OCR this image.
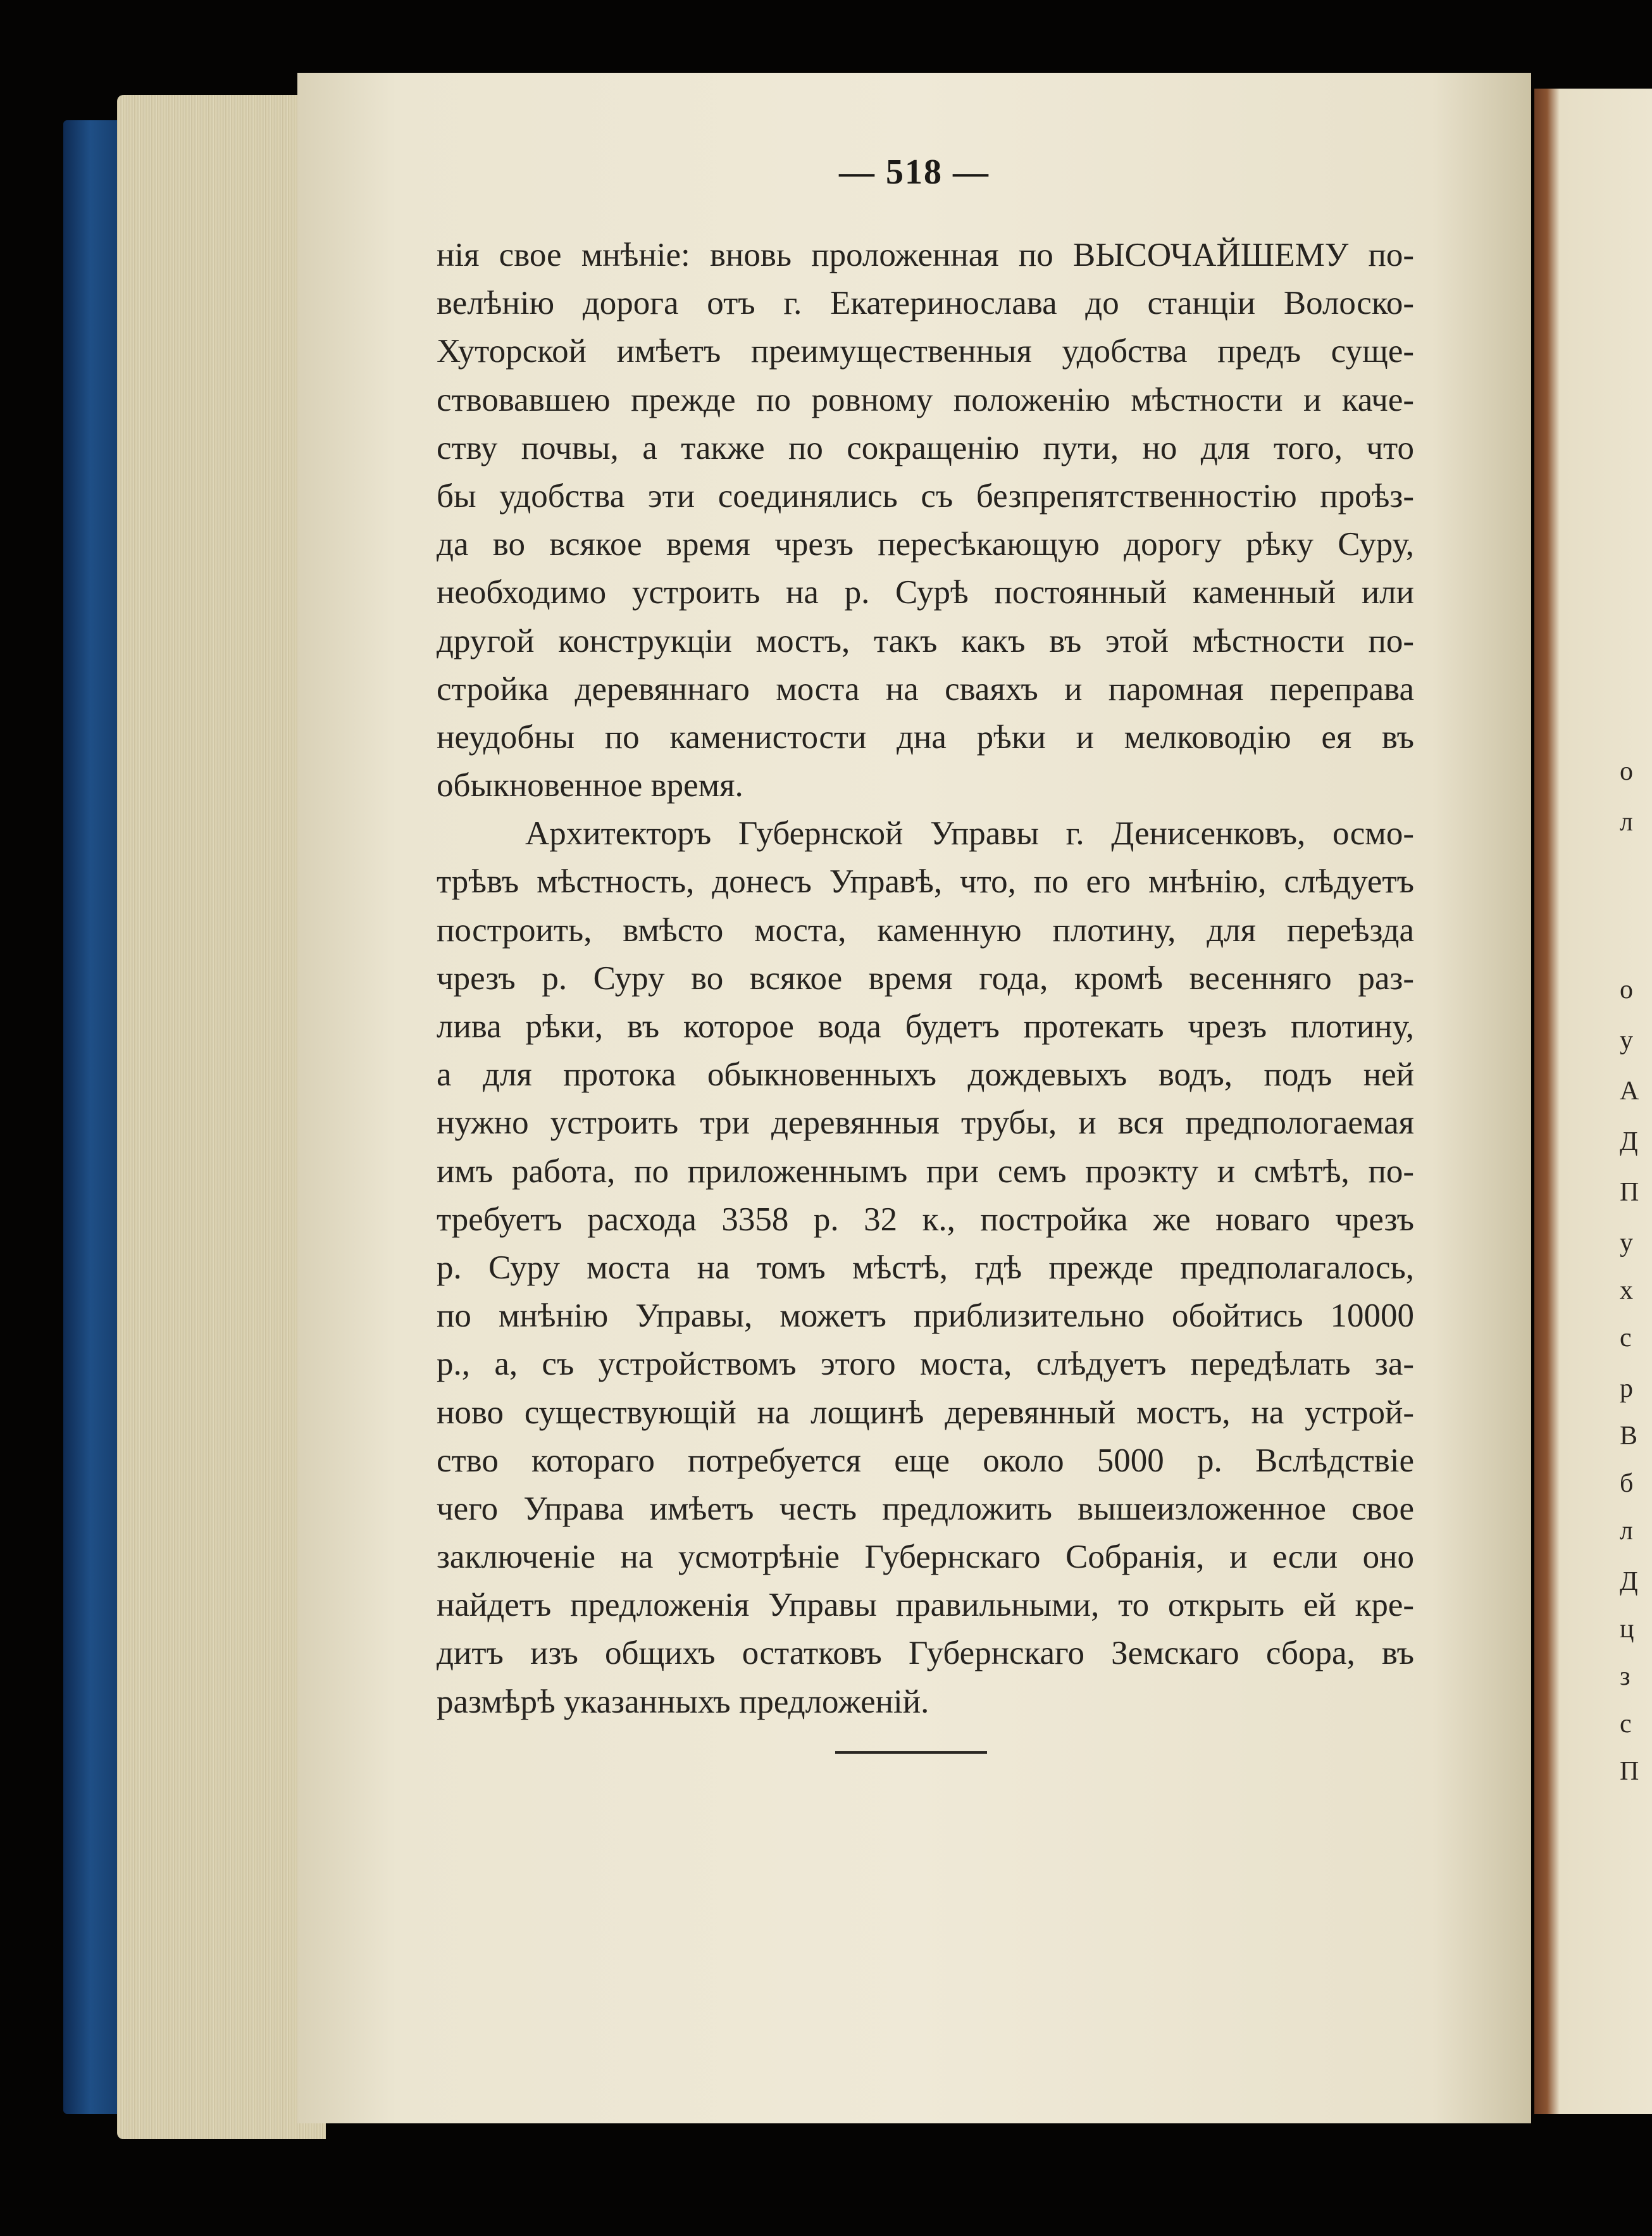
о
л
о
у
А
Д
П
у
х
с
р
В
б
л
Д
ц
з
с
П
— 518 —
нія свое мнѣніе: вновь проложенная по ВЫСОЧАЙШЕМУ по-
велѣнію дорога отъ г. Екатеринослава до станціи Волоско-
Хуторской имѣетъ преимущественныя удобства предъ суще-
ствовавшею прежде по ровному положенію мѣстности и каче-
ству почвы, а также по сокращенію пути, но для того, что
бы удобства эти соединялись съ безпрепятственностію проѣз-
да во всякое время чрезъ пересѣкающую дорогу рѣку Суру,
необходимо устроить на р. Сурѣ постоянный каменный или
другой конструкціи мостъ, такъ какъ въ этой мѣстности по-
стройка деревяннаго моста на сваяхъ и паромная переправа
неудобны по каменистости дна рѣки и мелководію ея въ
обыкновенное время.
Архитекторъ Губернской Управы г. Денисенковъ, осмо-
трѣвъ мѣстность, донесъ Управѣ, что, по его мнѣнію, слѣдуетъ
построить, вмѣсто моста, каменную плотину, для переѣзда
чрезъ р. Суру во всякое время года, кромѣ весенняго раз-
лива рѣки, въ которое вода будетъ протекать чрезъ плотину,
а для протока обыкновенныхъ дождевыхъ водъ, подъ ней
нужно устроить три деревянныя трубы, и вся предпологаемая
имъ работа, по приложеннымъ при семъ проэкту и смѣтѣ, по-
требуетъ расхода 3358 р. 32 к., постройка же новаго чрезъ
р. Суру моста на томъ мѣстѣ, гдѣ прежде предполагалось,
по мнѣнію Управы, можетъ приблизительно обойтись 10000
р., а, съ устройствомъ этого моста, слѣдуетъ передѣлать за-
ново существующій на лощинѣ деревянный мостъ, на устрой-
ство котораго потребуется еще около 5000 р. Вслѣдствіе
чего Управа имѣетъ честь предложить вышеизложенное свое
заключеніе на усмотрѣніе Губернскаго Собранія, и если оно
найдетъ предложенія Управы правильными, то открыть ей кре-
дитъ изъ общихъ остатковъ Губернскаго Земскаго сбора, въ
размѣрѣ указанныхъ предложеній.
